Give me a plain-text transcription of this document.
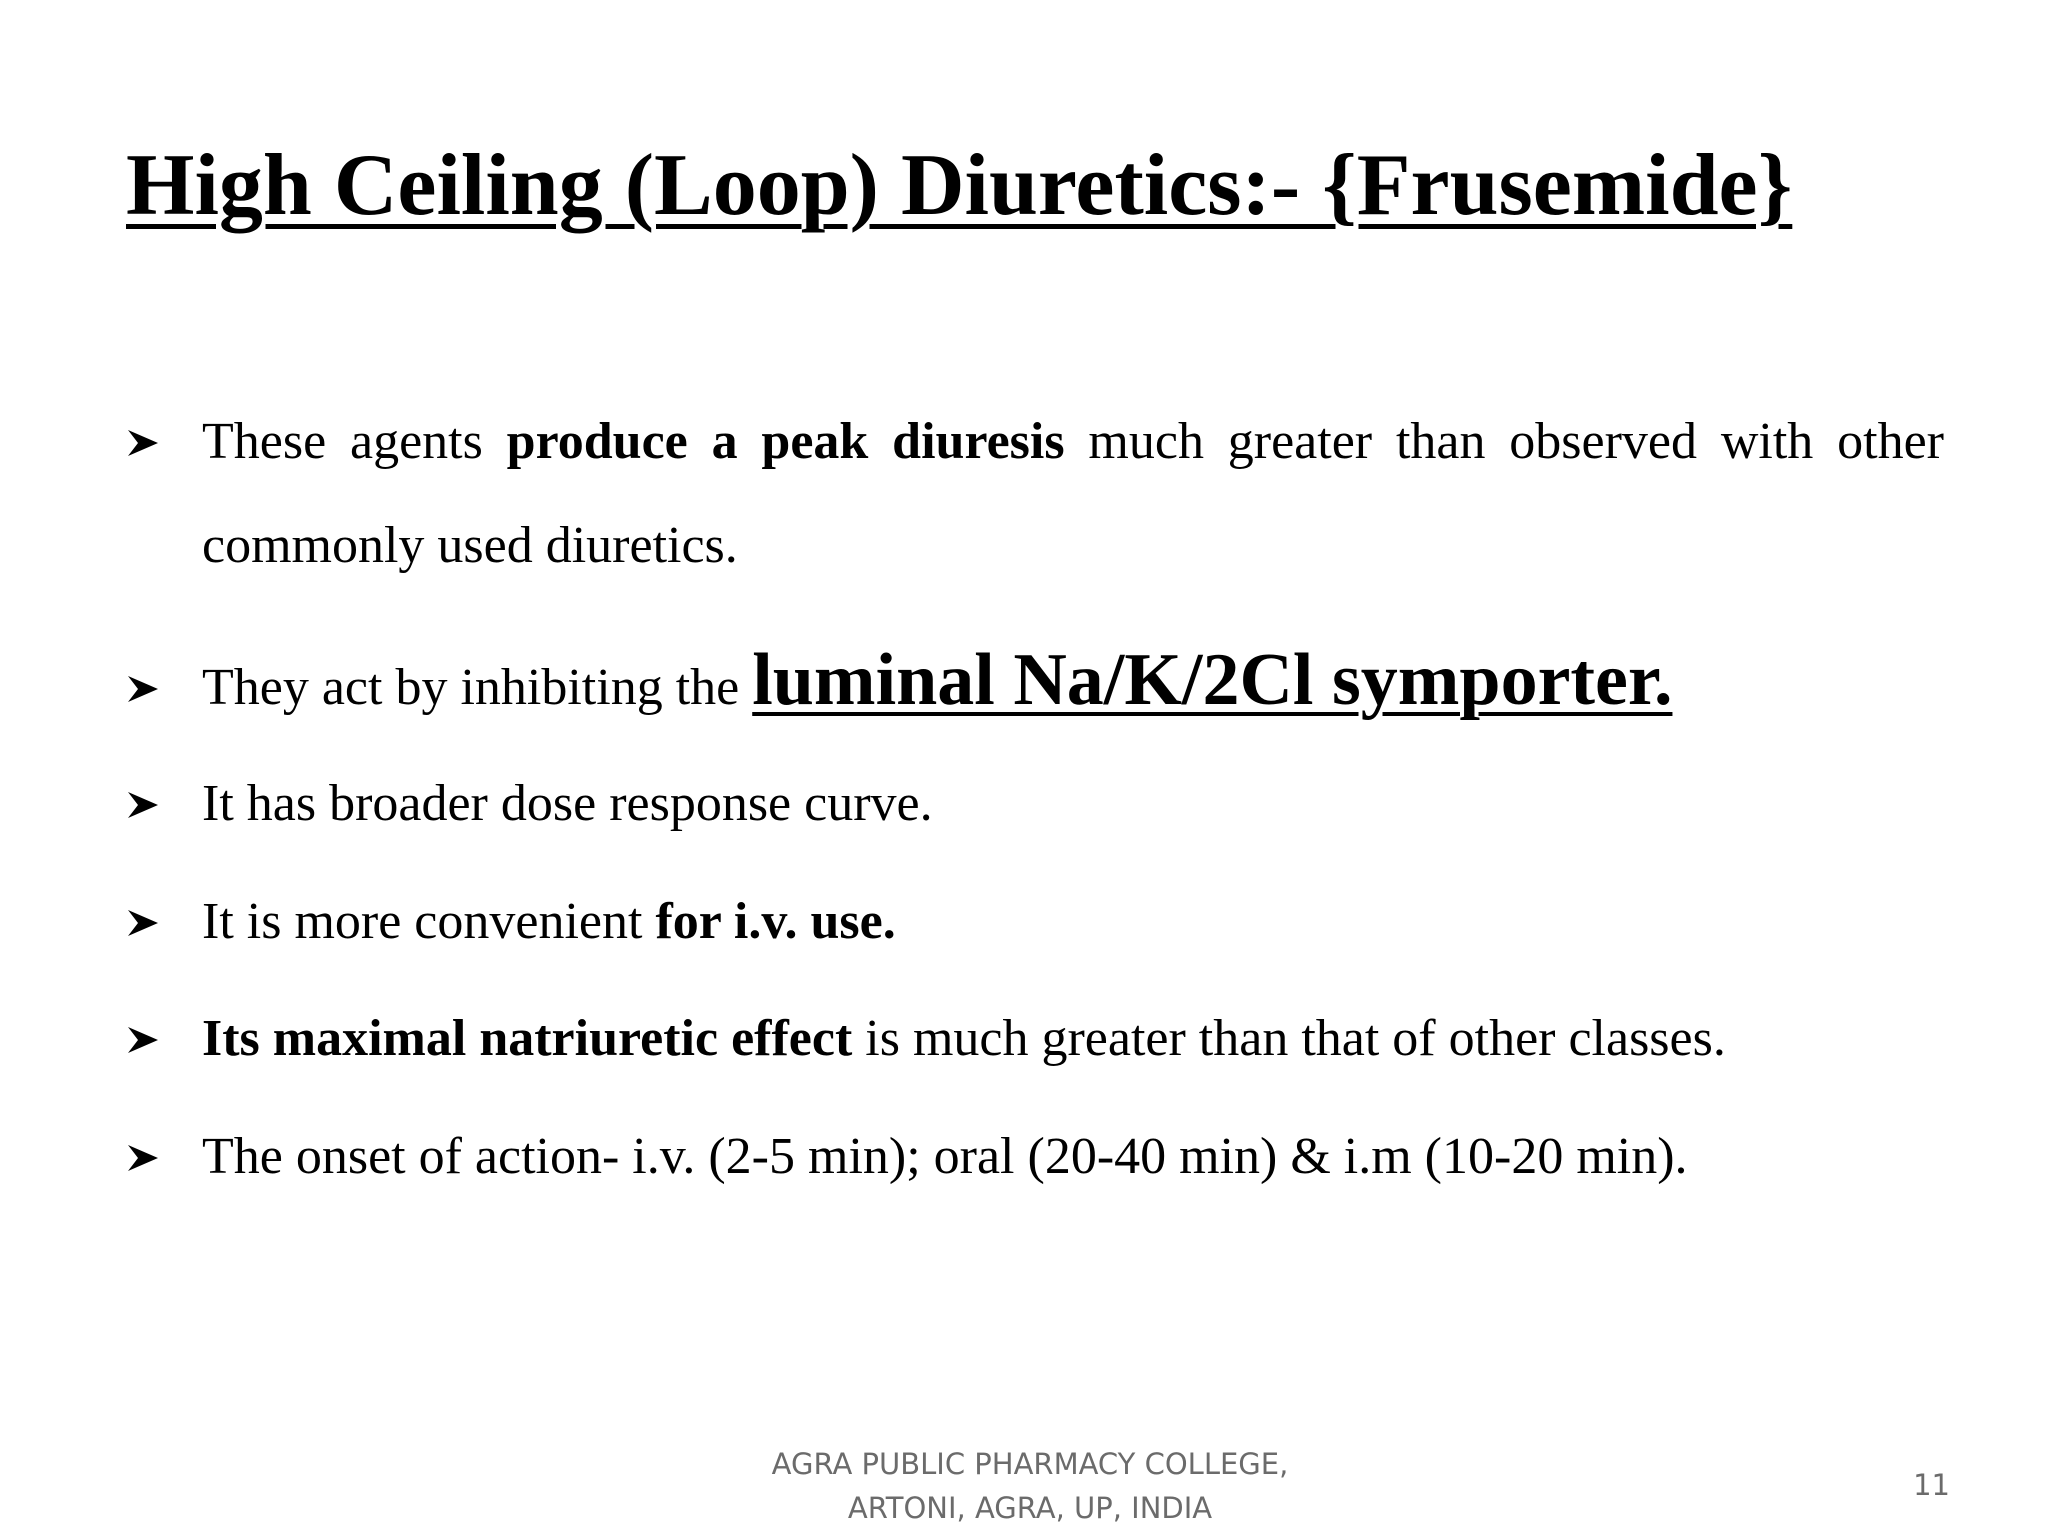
High Ceiling (Loop) Diuretics:- {Frusemide}
These agents produce a peak diuresis much greater than observed with other commonly used diuretics.
They act by inhibiting the luminal Na/K/2Cl symporter.
It has broader dose response curve.
It is more convenient for i.v. use.
Its maximal natriuretic effect is much greater than that of other classes.
The onset of action- i.v. (2-5 min); oral (20-40 min) & i.m (10-20 min).
AGRA PUBLIC PHARMACY COLLEGE,
ARTONI, AGRA, UP, INDIA
11
